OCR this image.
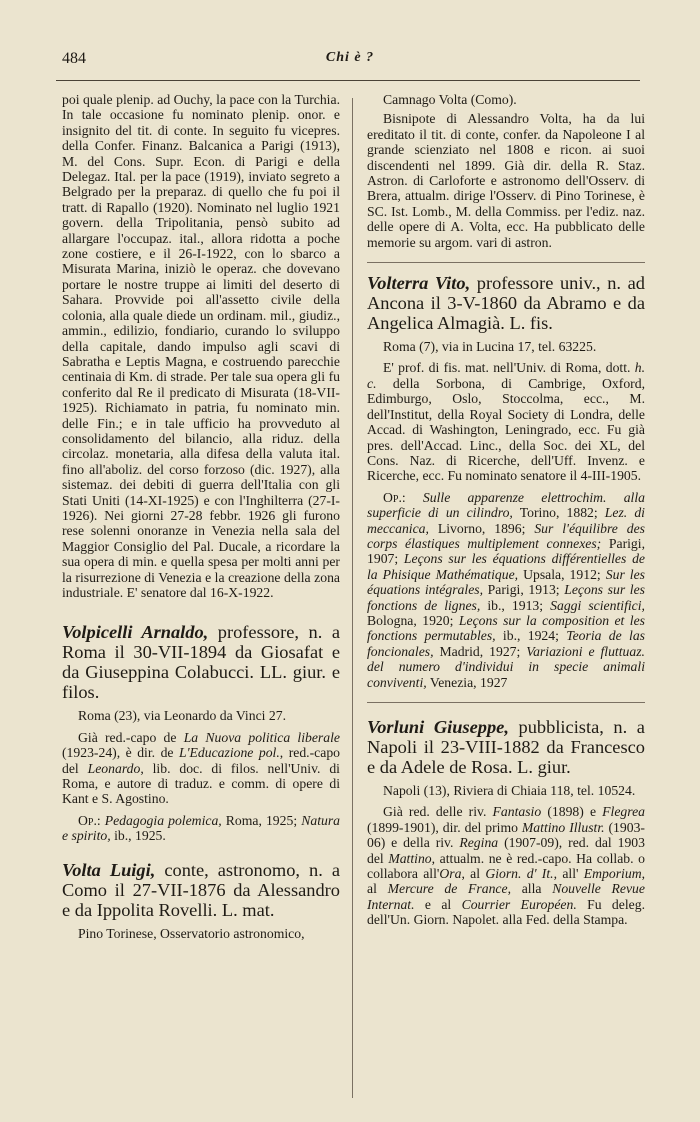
484	Chi è ?

poi quale plenip. ad Ouchy, la pace con la Turchia. In tale occasione fu nominato plenip. onor. e insignito del tit. di conte. In seguito fu vicepres. della Confer. Finanz. Balcanica a Parigi (1913), M. del Cons. Supr. Econ. di Parigi e della Delegaz. Ital. per la pace (1919), inviato segreto a Belgrado per la preparaz. di quello che fu poi il tratt. di Rapallo (1920). Nominato nel luglio 1921 govern. della Tripolitania, pensò subito ad allargare l'occupaz. ital., allora ridotta a poche zone costiere, e il 26-I-1922, con lo sbarco a Misurata Marina, iniziò le operaz. che dovevano portare le nostre truppe ai limiti del deserto di Sahara. Provvide poi all'assetto civile della colonia, alla quale diede un ordinam. mil., giudiz., ammin., edilizio, fondiario, curando lo sviluppo della capitale, dando impulso agli scavi di Sabratha e Leptis Magna, e costruendo parecchie centinaia di Km. di strade. Per tale sua opera gli fu conferito dal Re il predicato di Misurata (18-VII-1925). Richiamato in patria, fu nominato min. delle Fin.; e in tale ufficio ha provveduto al consolidamento del bilancio, alla riduz. della circolaz. monetaria, alla difesa della valuta ital. fino all'aboliz. del corso forzoso (dic. 1927), alla sistemaz. dei debiti di guerra dell'Italia con gli Stati Uniti (14-XI-1925) e con l'Inghilterra (27-I-1926). Nei giorni 27-28 febbr. 1926 gli furono rese solenni onoranze in Venezia nella sala del Maggior Consiglio del Pal. Ducale, a ricordare la sua opera di min. e quella spesa per molti anni per la risurrezione di Venezia e la creazione della zona industriale. E' senatore dal 16-X-1922.

Volpicelli Arnaldo, professore, n. a Roma il 30-VII-1894 da Giosafat e da Giuseppina Colabucci. LL. giur. e filos.

Roma (23), via Leonardo da Vinci 27.

Già red.-capo de La Nuova politica liberale (1923-24), è dir. de L'Educazione pol., red.-capo del Leonardo, lib. doc. di filos. nell'Univ. di Roma, e autore di traduz. e comm. di opere di Kant e S. Agostino.

Op.: Pedagogia polemica, Roma, 1925; Natura e spirito, ib., 1925.

Volta Luigi, conte, astronomo, n. a Como il 27-VII-1876 da Alessandro e da Ippolita Rovelli. L. mat.

Pino Torinese, Osservatorio astronomico,

Camnago Volta (Como).

Bisnipote di Alessandro Volta, ha da lui ereditato il tit. di conte, confer. da Napoleone I al grande scienziato nel 1808 e ricon. ai suoi discendenti nel 1899. Già dir. della R. Staz. Astron. di Carloforte e astronomo dell'Osserv. di Brera, attualm. dirige l'Osserv. di Pino Torinese, è SC. Ist. Lomb., M. della Commiss. per l'ediz. naz. delle opere di A. Volta, ecc. Ha pubblicato delle memorie su argom. vari di astron.

Volterra Vito, professore univ., n. ad Ancona il 3-V-1860 da Abramo e da Angelica Almagià. L. fis.

Roma (7), via in Lucina 17, tel. 63225.

E' prof. di fis. mat. nell'Univ. di Roma, dott. h. c. della Sorbona, di Cambrige, Oxford, Edimburgo, Oslo, Stoccolma, ecc., M. dell'Institut, della Royal Society di Londra, delle Accad. di Washington, Leningrado, ecc. Fu già pres. dell'Accad. Linc., della Soc. dei XL, del Cons. Naz. di Ricerche, dell'Uff. Invenz. e Ricerche, ecc. Fu nominato senatore il 4-III-1905.

Op.: Sulle apparenze elettrochim. alla superficie di un cilindro, Torino, 1882; Lez. di meccanica, Livorno, 1896; Sur l'équilibre des corps élastiques multiplement connexes; Parigi, 1907; Leçons sur les équations différentielles de la Phisique Mathématique, Upsala, 1912; Sur les équations intégrales, Parigi, 1913; Leçons sur les fonctions de lignes, ib., 1913; Saggi scientifici, Bologna, 1920; Leçons sur la composition et les fonctions permutables, ib., 1924; Teoria de las foncionales, Madrid, 1927; Variazioni e fluttuaz. del numero d'individui in specie animali conviventi, Venezia, 1927

Vorluni Giuseppe, pubblicista, n. a Napoli il 23-VIII-1882 da Francesco e da Adele de Rosa. L. giur.

Napoli (13), Riviera di Chiaia 118, tel. 10524.

Già red. delle riv. Fantasio (1898) e Flegrea (1899-1901), dir. del primo Mattino Illustr. (1903-06) e della riv. Regina (1907-09), red. dal 1903 del Mattino, attualm. ne è red.-capo. Ha collab. o collabora all'Ora, al Giorn. d' It., all' Emporium, al Mercure de France, alla Nouvelle Revue Internat. e al Courrier Européen. Fu deleg. dell'Un. Giorn. Napolet. alla Fed. della Stampa.
